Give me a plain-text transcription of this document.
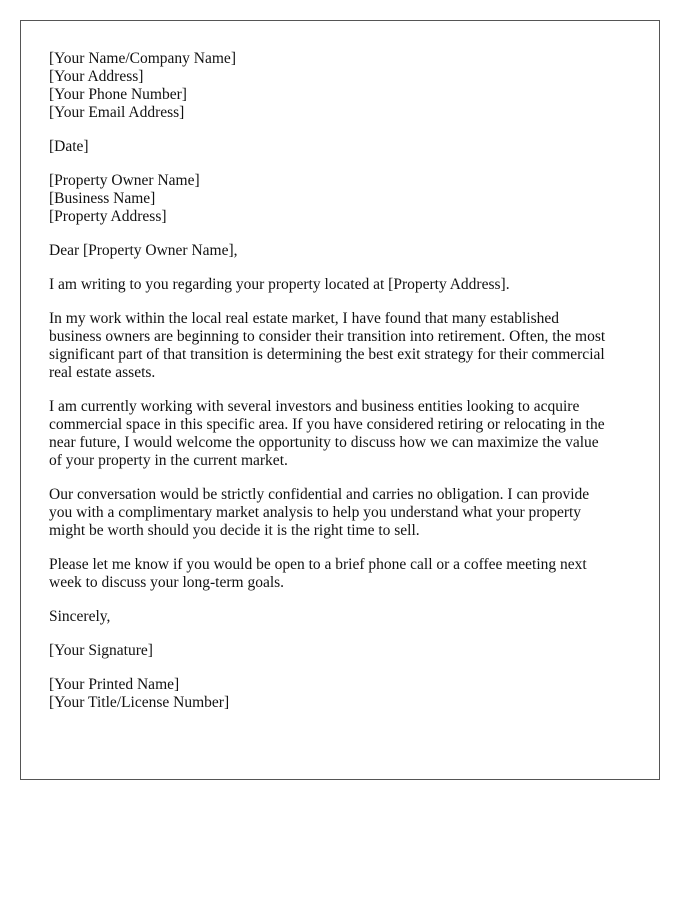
[Your Name/Company Name]
[Your Address]
[Your Phone Number]
[Your Email Address]
[Date]
[Property Owner Name]
[Business Name]
[Property Address]
Dear [Property Owner Name],
I am writing to you regarding your property located at [Property Address].
In my work within the local real estate market, I have found that many established
business owners are beginning to consider their transition into retirement. Often, the most
significant part of that transition is determining the best exit strategy for their commercial
real estate assets.
I am currently working with several investors and business entities looking to acquire
commercial space in this specific area. If you have considered retiring or relocating in the
near future, I would welcome the opportunity to discuss how we can maximize the value
of your property in the current market.
Our conversation would be strictly confidential and carries no obligation. I can provide
you with a complimentary market analysis to help you understand what your property
might be worth should you decide it is the right time to sell.
Please let me know if you would be open to a brief phone call or a coffee meeting next
week to discuss your long-term goals.
Sincerely,
[Your Signature]
[Your Printed Name]
[Your Title/License Number]
